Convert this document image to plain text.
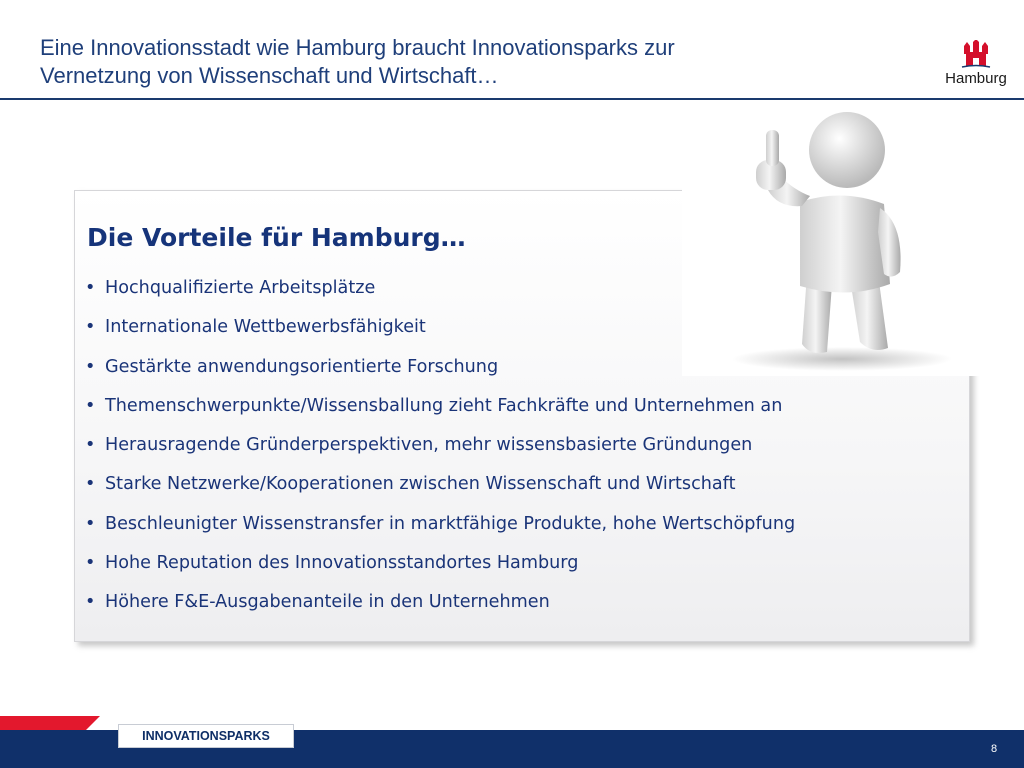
Eine Innovationsstadt wie Hamburg braucht Innovationsparks zur
Vernetzung von Wissenschaft und Wirtschaft…	Hamburg
Die Vorteile für Hamburg…
• Hochqualifizierte Arbeitsplätze
• Internationale Wettbewerbsfähigkeit
• Gestärkte anwendungsorientierte Forschung
• Themenschwerpunkte/Wissensballung zieht Fachkräfte und Unternehmen an
• Herausragende Gründerperspektiven, mehr wissensbasierte Gründungen
• Starke Netzwerke/Kooperationen zwischen Wissenschaft und Wirtschaft
• Beschleunigter Wissenstransfer in marktfähige Produkte, hohe Wertschöpfung
• Hohe Reputation des Innovationsstandortes Hamburg
• Höhere F&E-Ausgabenanteile in den Unternehmen
INNOVATIONSPARKS
8
